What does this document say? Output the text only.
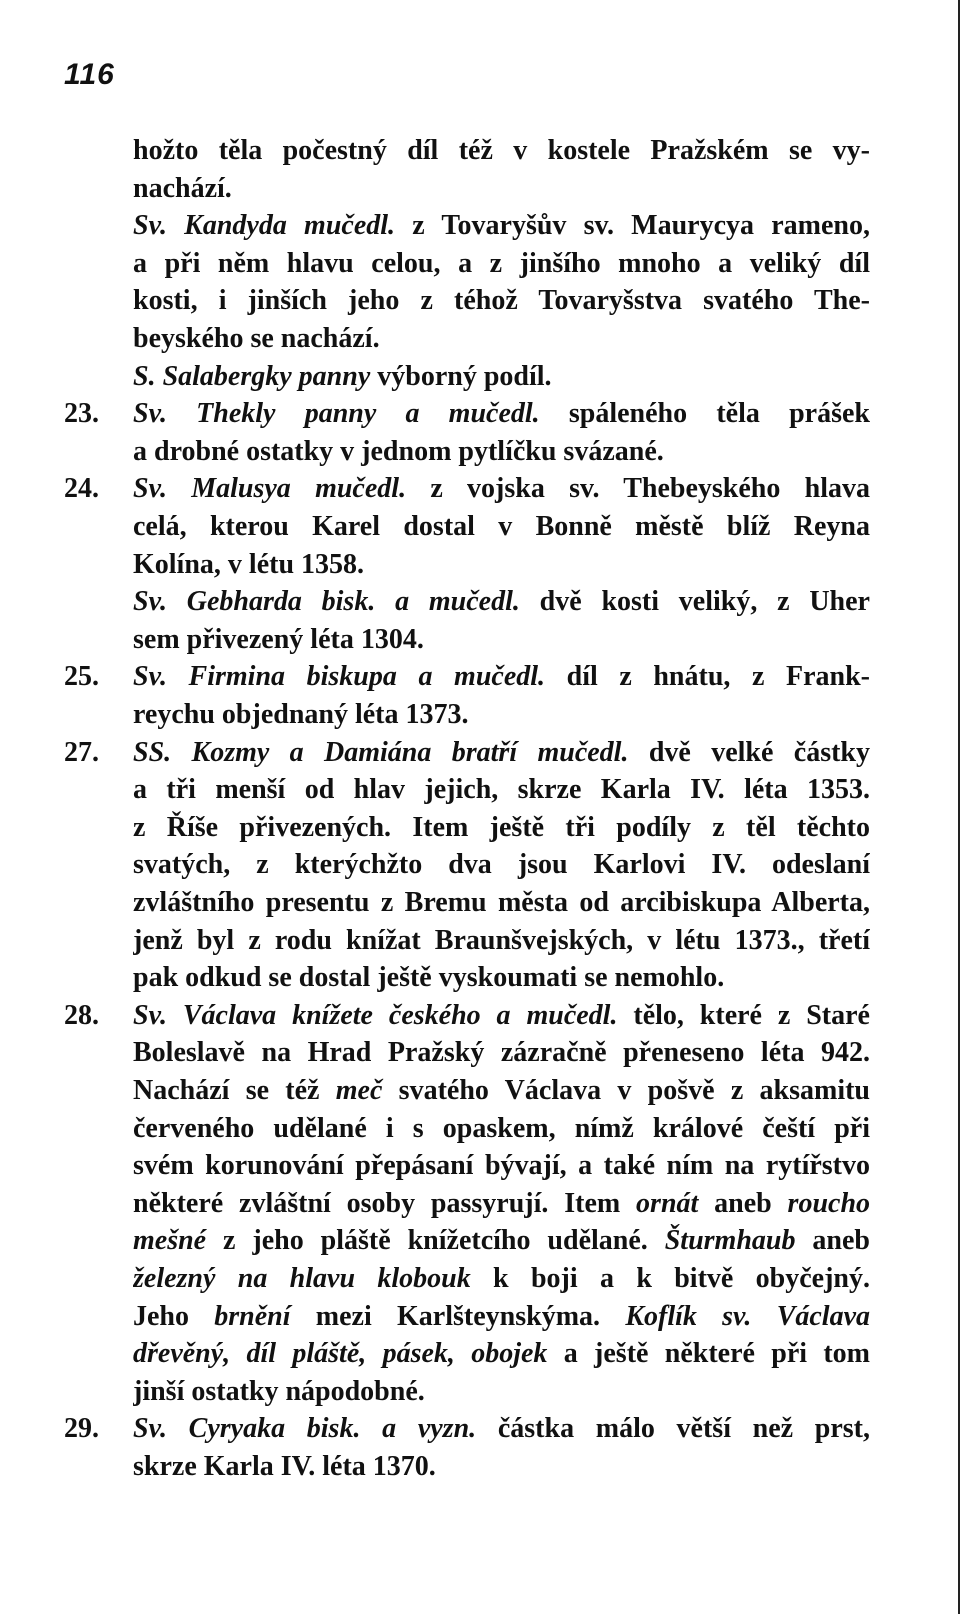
116
hožto těla počestný díl též v kostele Pražském se vy-
nachází.
Sv. Kandyda mučedl. z Tovaryšův sv. Maurycya rameno,
a při něm hlavu celou, a z jinšího mnoho a veliký díl
kosti, i jinších jeho z téhož Tovaryšstva svatého The-
beyského se nachází.
S. Salabergky panny výborný podíl.
23.	Sv. Thekly panny a mučedl. spáleného těla prášek
a drobné ostatky v jednom pytlíčku svázané.
24.	Sv. Malusya mučedl. z vojska sv. Thebeyského hlava
celá, kterou Karel dostal v Bonně městě blíž Reyna
Kolína, v létu 1358.
Sv. Gebharda bisk. a mučedl. dvě kosti veliký, z Uher
sem přivezený léta 1304.
25.	Sv. Firmina biskupa a mučedl. díl z hnátu, z Frank-
reychu objednaný léta 1373.
27.	SS. Kozmy a Damiána bratří mučedl. dvě velké částky
a tři menší od hlav jejich, skrze Karla IV. léta 1353.
z Říše přivezených. Item ještě tři podíly z těl těchto
svatých, z kterýchžto dva jsou Karlovi IV. odeslaní
zvláštního presentu z Bremu města od arcibiskupa Alberta,
jenž byl z rodu knížat Braunšvejských, v létu 1373., třetí
pak odkud se dostal ještě vyskoumati se nemohlo.
28.	Sv. Václava knížete českého a mučedl. tělo, které z Staré
Boleslavě na Hrad Pražský zázračně přeneseno léta 942.
Nachází se též meč svatého Václava v pošvě z aksamitu
červeného udělané i s opaskem, nímž králové čeští při
svém korunování přepásaní bývají, a také ním na rytířstvo
některé zvláštní osoby passyrují. Item ornát aneb roucho
mešné z jeho pláště knížetcího udělané. Šturmhaub aneb
železný na hlavu klobouk k boji a k bitvě obyčejný.
Jeho brnění mezi Karlšteynskýma. Koflík sv. Václava
dřevěný, díl pláště, pásek, obojek a ještě některé při tom
jinší ostatky nápodobné.
29.	Sv. Cyryaka bisk. a vyzn. částka málo větší než prst,
skrze Karla IV. léta 1370.
